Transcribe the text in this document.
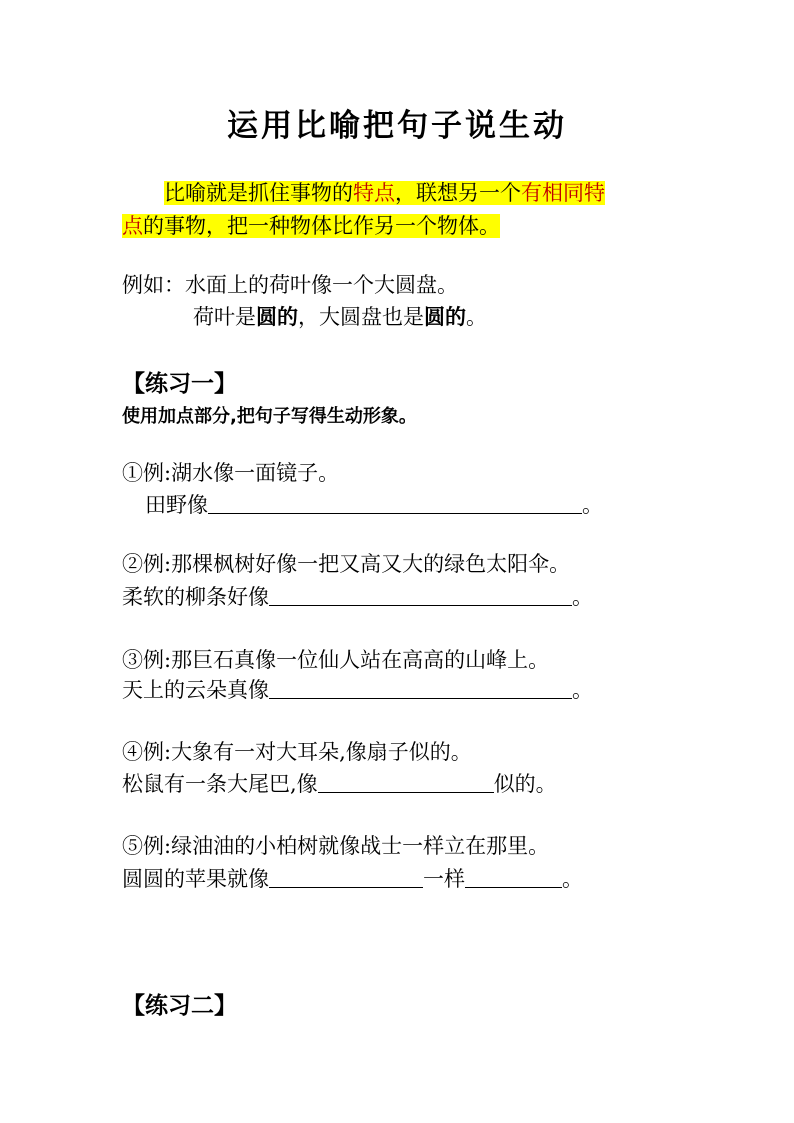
运用比喻把句子说生动
比喻就是抓住事物的特点，联想另一个有相同特
点的事物，把一种物体比作另一个物体。
例如：水面上的荷叶像一个大圆盘。
荷叶是圆的，大圆盘也是圆的。
【练习一】
使用加点部分,把句子写得生动形象。
①例:湖水像一面镜子。
田野像	。
②例:那棵枫树好像一把又高又大的绿色太阳伞。
柔软的柳条好像	。
③例:那巨石真像一位仙人站在高高的山峰上。
天上的云朵真像	。
④例:大象有一对大耳朵,像扇子似的。
松鼠有一条大尾巴,像	似的。
⑤例:绿油油的小柏树就像战士一样立在那里。
圆圆的苹果就像	一样	。
【练习二】
